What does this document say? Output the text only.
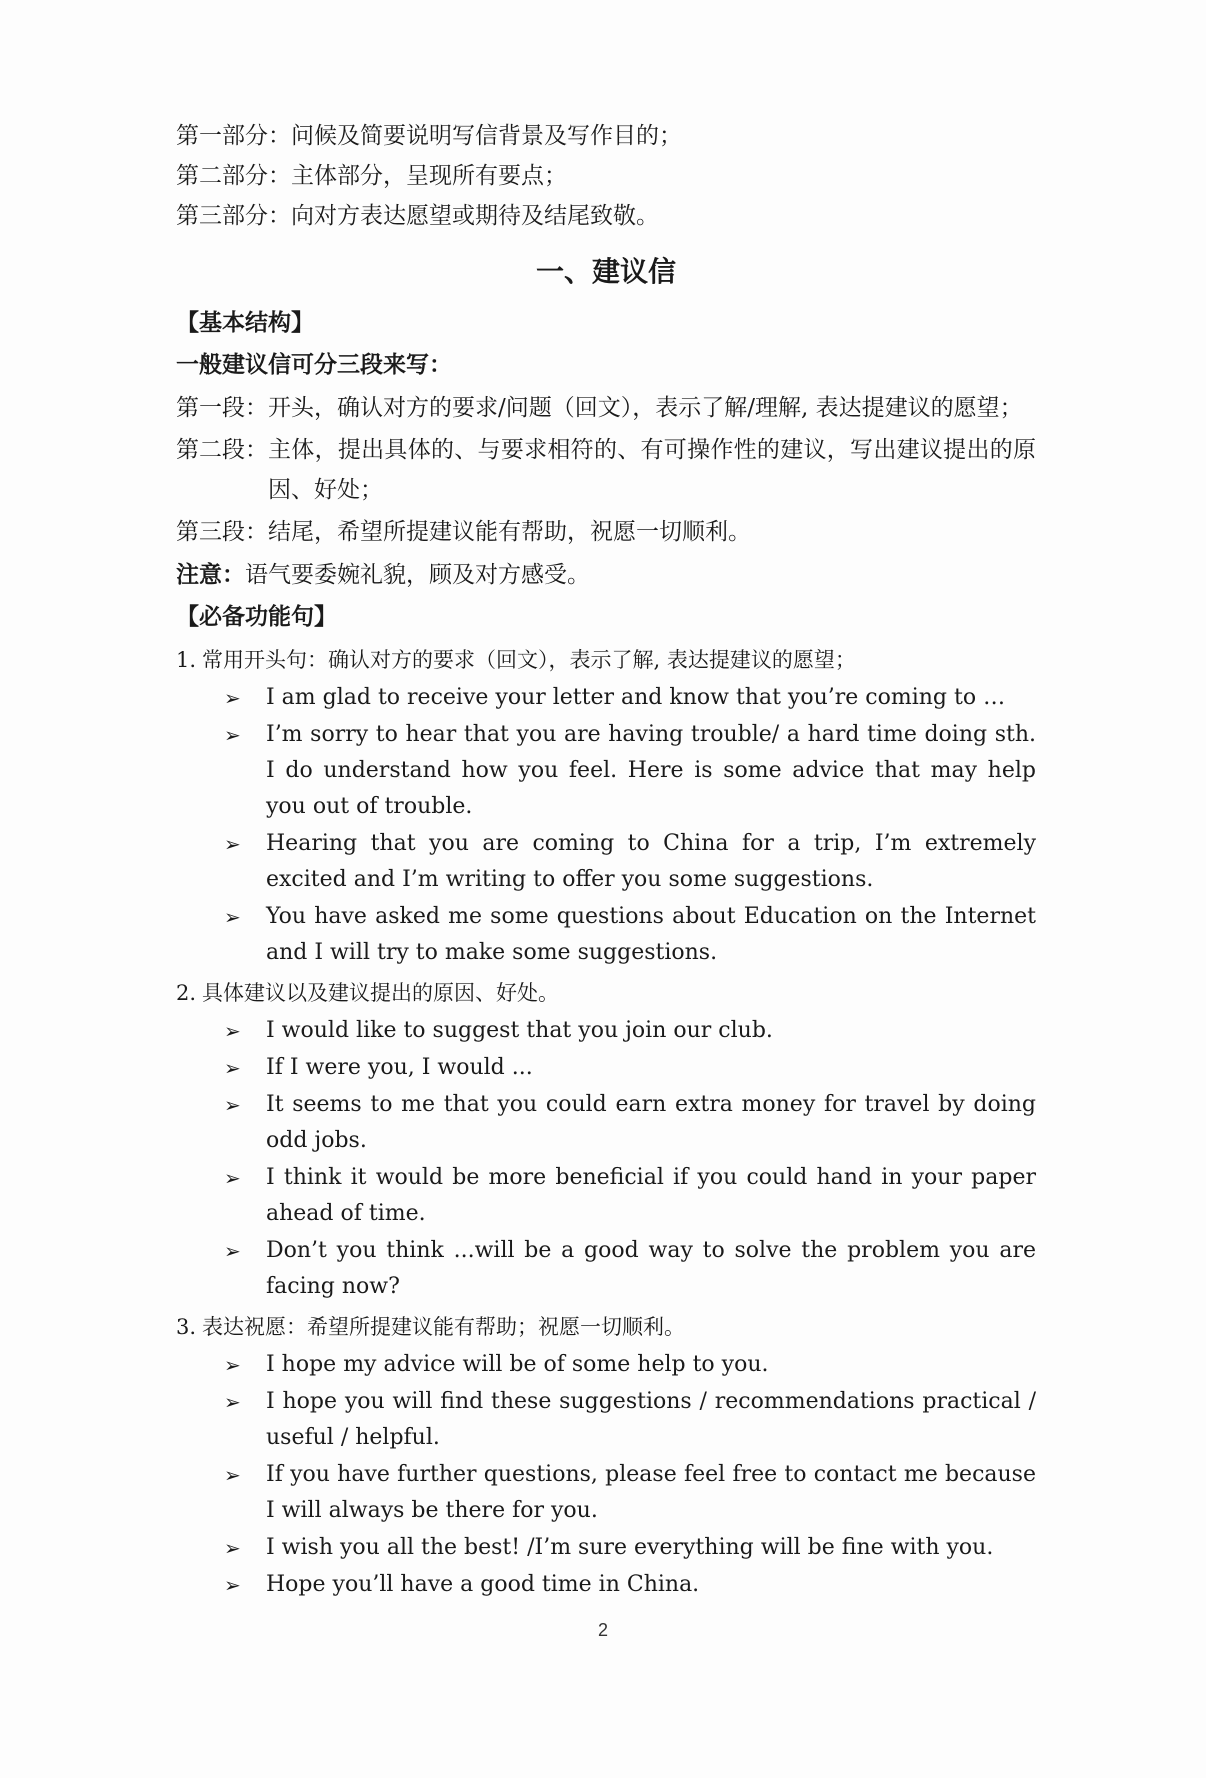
第一部分：问候及简要说明写信背景及写作目的；
第二部分：主体部分，呈现所有要点；
第三部分：向对方表达愿望或期待及结尾致敬。
一、建议信
【基本结构】
一般建议信可分三段来写：
第一段： 开头，确认对方的要求/问题（回文），表示了解/理解, 表达提建议的愿望；
第二段： 主体，提出具体的、与要求相符的、有可操作性的建议，写出建议提出的原因、好处；
第三段： 结尾，希望所提建议能有帮助，祝愿一切顺利。
注意：语气要委婉礼貌，顾及对方感受。
【必备功能句】
1. 常用开头句：确认对方的要求（回文），表示了解, 表达提建议的愿望；
➢ I am glad to receive your letter and know that you’re coming to …
➢ I’m sorry to hear that you are having trouble/ a hard time doing sth. I do understand how you feel. Here is some advice that may help you out of trouble.
➢ Hearing that you are coming to China for a trip, I’m extremely excited and I’m writing to offer you some suggestions.
➢ You have asked me some questions about Education on the Internet and I will try to make some suggestions.
2. 具体建议以及建议提出的原因、好处。
➢ I would like to suggest that you join our club.
➢ If I were you, I would ...
➢ It seems to me that you could earn extra money for travel by doing odd jobs.
➢ I think it would be more beneficial if you could hand in your paper ahead of time.
➢ Don’t you think ...will be a good way to solve the problem you are facing now?
3. 表达祝愿：希望所提建议能有帮助；祝愿一切顺利。
➢ I hope my advice will be of some help to you.
➢ I hope you will find these suggestions / recommendations practical / useful / helpful.
➢ If you have further questions, please feel free to contact me because I will always be there for you.
➢ I wish you all the best! /I’m sure everything will be fine with you.
➢ Hope you’ll have a good time in China.
2
